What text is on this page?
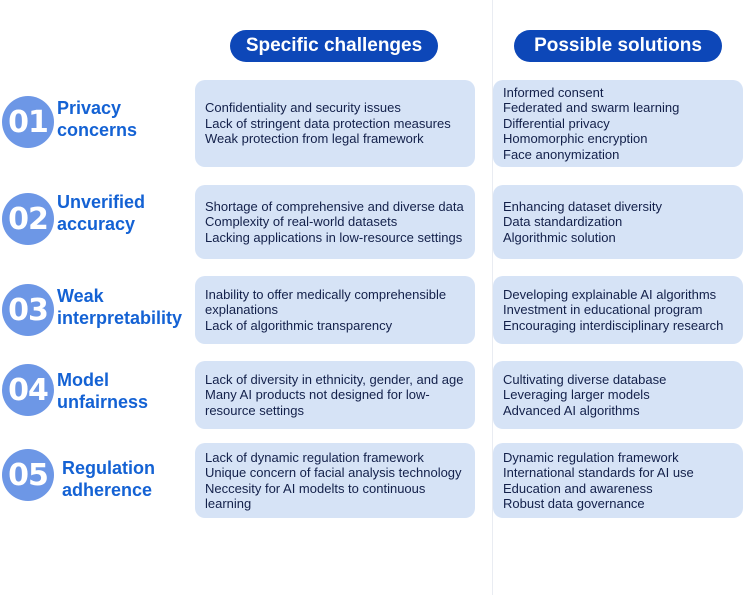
Specific challenges	Possible solutions
01 Privacy
concerns
Confidentiality and security issues
Lack of stringent data protection measures
Weak protection from legal framework
Informed consent
Federated and swarm learning
Differential privacy
Homomorphic encryption
Face anonymization
02 Unverified
accuracy
Shortage of comprehensive and diverse data
Complexity of real-world datasets
Lacking applications in low-resource settings
Enhancing dataset diversity
Data standardization
Algorithmic solution
03 Weak
interpretability
Inability to offer medically comprehensible
explanations
Lack of algorithmic transparency
Developing explainable AI algorithms
Investment in educational program
Encouraging interdisciplinary research
04 Model
unfairness
Lack of diversity in ethnicity, gender, and age
Many AI products not designed for low-
resource settings
Cultivating diverse database
Leveraging larger models
Advanced AI algorithms
05 Regulation
adherence
Lack of dynamic regulation framework
Unique concern of facial analysis technology
Neccesity for AI modelts to continuous learning
Dynamic regulation framework
International standards for AI use
Education and awareness
Robust data governance
